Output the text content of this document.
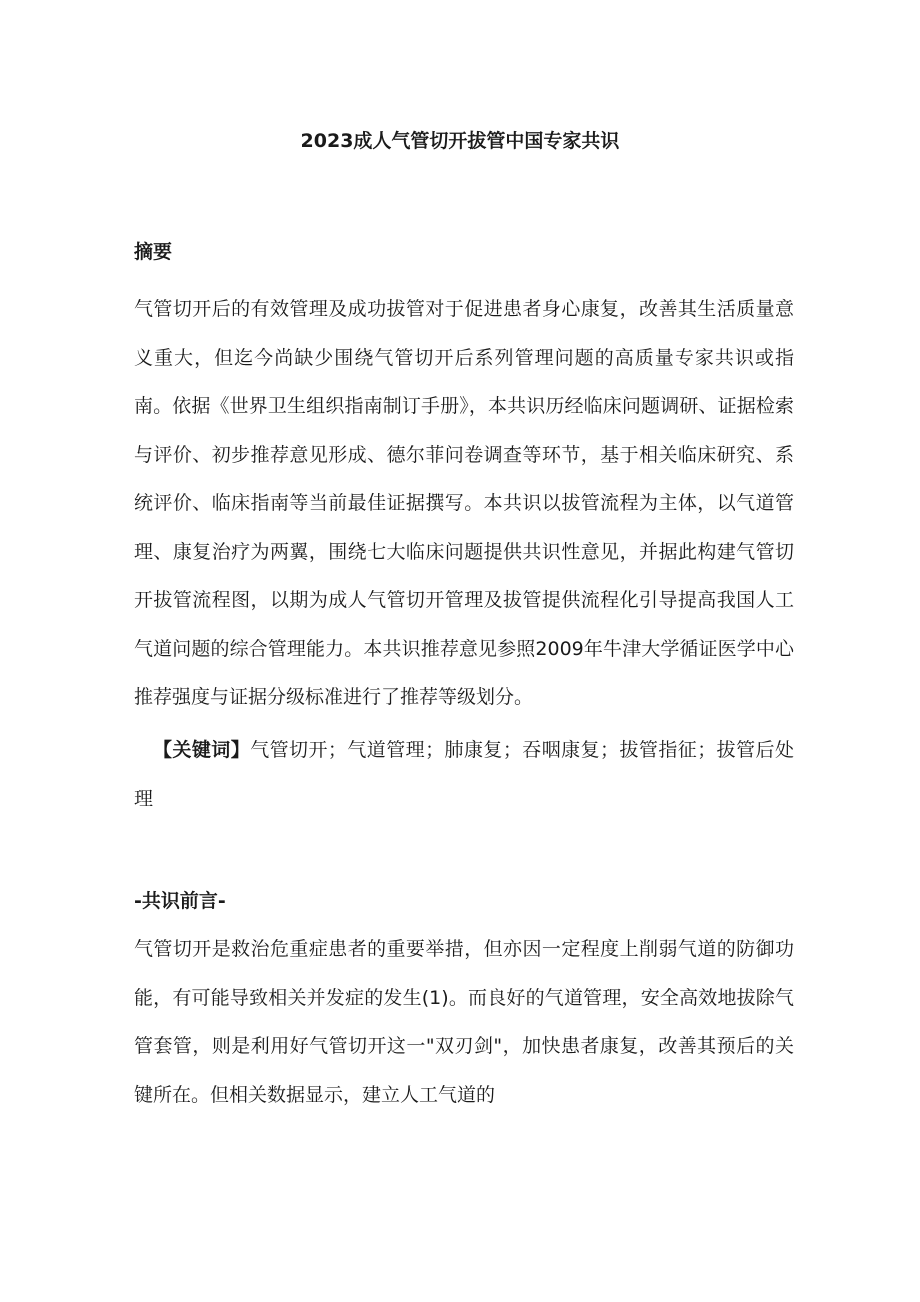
2023成人气管切开拔管中国专家共识
摘要

气管切开后的有效管理及成功拔管对于促进患者身心康复，改善其生活质量意义重大，但迄今尚缺少围绕气管切开后系列管理问题的高质量专家共识或指南。依据《世界卫生组织指南制订手册》，本共识历经临床问题调研、证据检索与评价、初步推荐意见形成、德尔菲问卷调查等环节，基于相关临床研究、系统评价、临床指南等当前最佳证据撰写。本共识以拔管流程为主体，以气道管理、康复治疗为两翼，围绕七大临床问题提供共识性意见，并据此构建气管切开拔管流程图，以期为成人气管切开管理及拔管提供流程化引导提高我国人工气道问题的综合管理能力。本共识推荐意见参照2009年牛津大学循证医学中心推荐强度与证据分级标准进行了推荐等级划分。

【关键词】气管切开；气道管理；肺康复；吞咽康复；拔管指征；拔管后处理

-共识前言-

气管切开是救治危重症患者的重要举措，但亦因一定程度上削弱气道的防御功能，有可能导致相关并发症的发生(1)。而良好的气道管理，安全高效地拔除气管套管，则是利用好气管切开这一"双刃剑"，加快患者康复，改善其预后的关键所在。但相关数据显示，建立人工气道的
